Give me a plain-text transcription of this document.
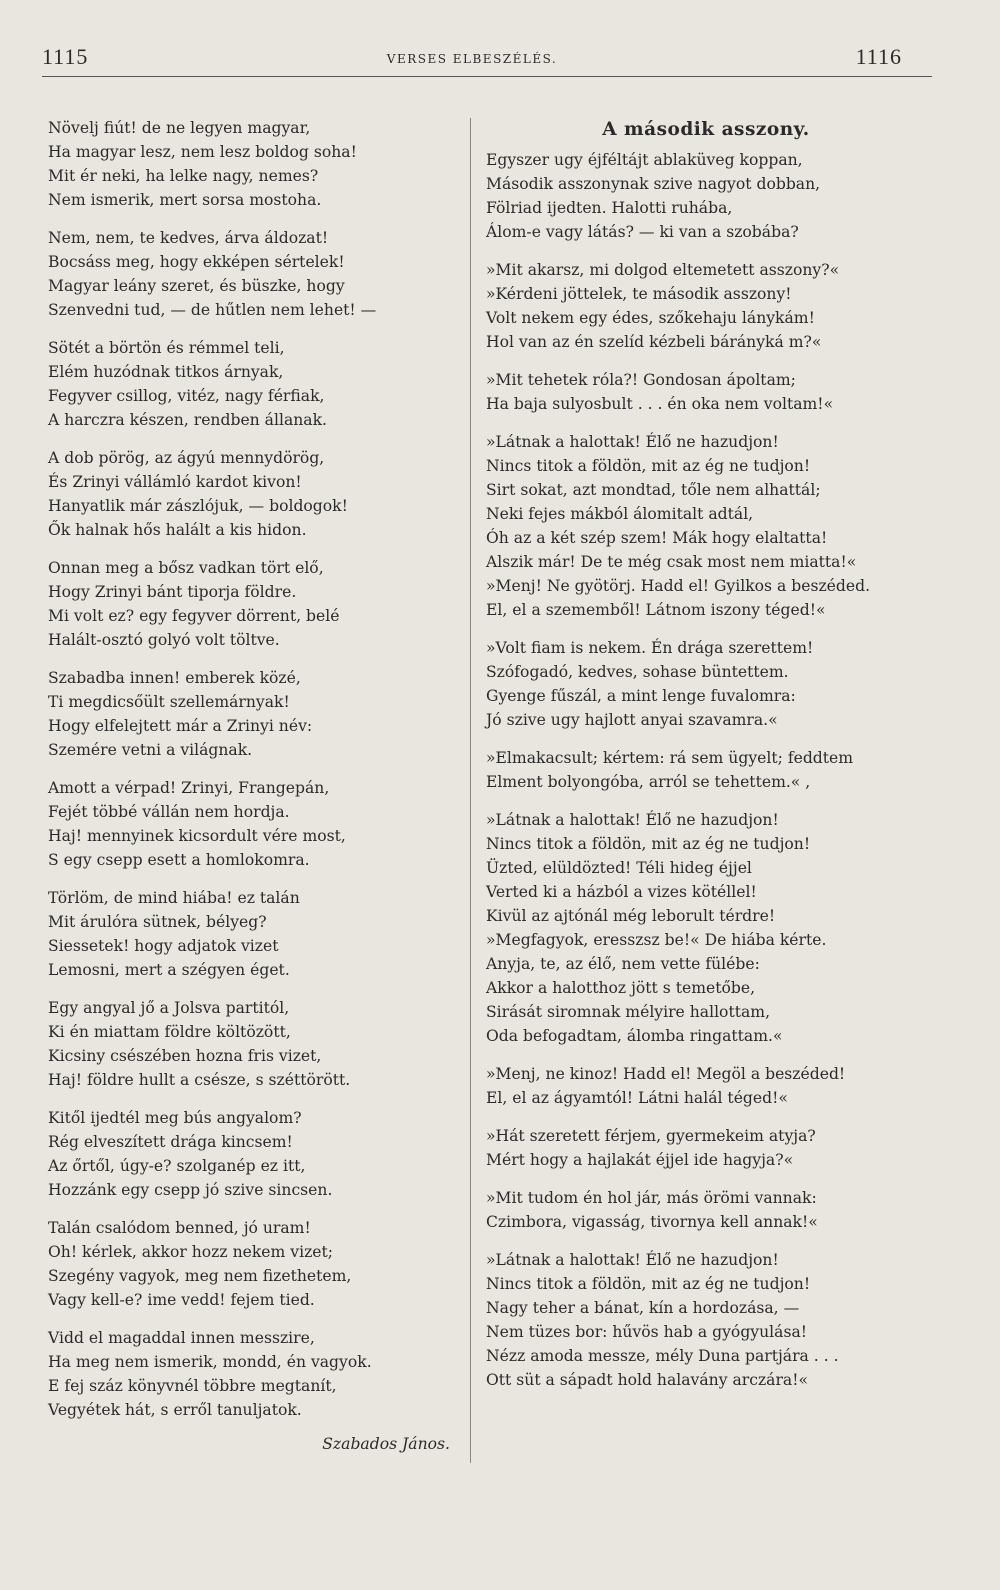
1115	VERSES ELBESZÉLÉS.	1116
Növelj fiút! de ne legyen magyar,
Ha magyar lesz, nem lesz boldog soha!
Mit ér neki, ha lelke nagy, nemes?
Nem ismerik, mert sorsa mostoha.
Nem, nem, te kedves, árva áldozat!
Bocsáss meg, hogy ekképen sértelek!
Magyar leány szeret, és büszke, hogy
Szenvedni tud, — de hűtlen nem lehet! —
Sötét a börtön és rémmel teli,
Elém huzódnak titkos árnyak,
Fegyver csillog, vitéz, nagy férfiak,
A harczra készen, rendben állanak.
A dob pörög, az ágyú mennydörög,
És Zrinyi vállámló kardot kivon!
Hanyatlik már zászlójuk, — boldogok!
Ők halnak hős halált a kis hidon.
Onnan meg a bősz vadkan tört elő,
Hogy Zrinyi bánt tiporja földre.
Mi volt ez? egy fegyver dörrent, belé
Halált-osztó golyó volt töltve.
Szabadba innen! emberek közé,
Ti megdicsőült szellemárnyak!
Hogy elfelejtett már a Zrinyi név:
Szemére vetni a világnak.
Amott a vérpad! Zrinyi, Frangepán,
Fejét többé vállán nem hordja.
Haj! mennyinek kicsordult vére most,
S egy csepp esett a homlokomra.
Törlöm, de mind hiába! ez talán
Mit árulóra sütnek, bélyeg?
Siessetek! hogy adjatok vizet
Lemosni, mert a szégyen éget.
Egy angyal jő a Jolsva partitól,
Ki én miattam földre költözött,
Kicsiny csészében hozna fris vizet,
Haj! földre hullt a csésze, s széttörött.
Kitől ijedtél meg bús angyalom?
Rég elveszített drága kincsem!
Az őrtől, úgy-e? szolganép ez itt,
Hozzánk egy csepp jó szive sincsen.
Talán csalódom benned, jó uram!
Oh! kérlek, akkor hozz nekem vizet;
Szegény vagyok, meg nem fizethetem,
Vagy kell-e? ime vedd! fejem tied.
Vidd el magaddal innen messzire,
Ha meg nem ismerik, mondd, én vagyok.
E fej száz könyvnél többre megtanít,
Vegyétek hát, s erről tanuljatok.
Szabados János.
A második asszony.
Egyszer ugy éjféltájt ablaküveg koppan,
Második asszonynak szive nagyot dobban,
Fölriad ijedten. Halotti ruhába,
Álom-e vagy látás? — ki van a szobába?
»Mit akarsz, mi dolgod eltemetett asszony?«
»Kérdeni jöttelek, te második asszony!
Volt nekem egy édes, szőkehaju lánykám!
Hol van az én szelíd kézbeli bárányká m?«
»Mit tehetek róla?! Gondosan ápoltam;
Ha baja sulyosbult . . . én oka nem voltam!«
»Látnak a halottak! Élő ne hazudjon!
Nincs titok a földön, mit az ég ne tudjon!
Sirt sokat, azt mondtad, tőle nem alhattál;
Neki fejes mákból álomitalt adtál,
Óh az a két szép szem! Mák hogy elaltatta!
Alszik már! De te még csak most nem miatta!«
»Menj! Ne gyötörj. Hadd el! Gyilkos a beszéded.
El, el a szememből! Látnom iszony téged!«
»Volt fiam is nekem. Én drága szerettem!
Szófogadó, kedves, sohase büntettem.
Gyenge fűszál, a mint lenge fuvalomra:
Jó szive ugy hajlott anyai szavamra.«
»Elmakacsult; kértem: rá sem ügyelt; feddtem
Elment bolyongóba, arról se tehettem.« ,
»Látnak a halottak! Élő ne hazudjon!
Nincs titok a földön, mit az ég ne tudjon!
Üzted, elüldözted! Téli hideg éjjel
Verted ki a házból a vizes kötéllel!
Kivül az ajtónál még leborult térdre!
»Megfagyok, eresszsz be!« De hiába kérte.
Anyja, te, az élő, nem vette fülébe:
Akkor a halotthoz jött s temetőbe,
Sirását siromnak mélyire hallottam,
Oda befogadtam, álomba ringattam.«
»Menj, ne kinoz! Hadd el! Megöl a beszéded!
El, el az ágyamtól! Látni halál téged!«
»Hát szeretett férjem, gyermekeim atyja?
Mért hogy a hajlakát éjjel ide hagyja?«
»Mit tudom én hol jár, más örömi vannak:
Czimbora, vigasság, tivornya kell annak!«
»Látnak a halottak! Élő ne hazudjon!
Nincs titok a földön, mit az ég ne tudjon!
Nagy teher a bánat, kín a hordozása, —
Nem tüzes bor: hűvös hab a gyógyulása!
Nézz amoda messze, mély Duna partjára . . .
Ott süt a sápadt hold halavány arczára!«
